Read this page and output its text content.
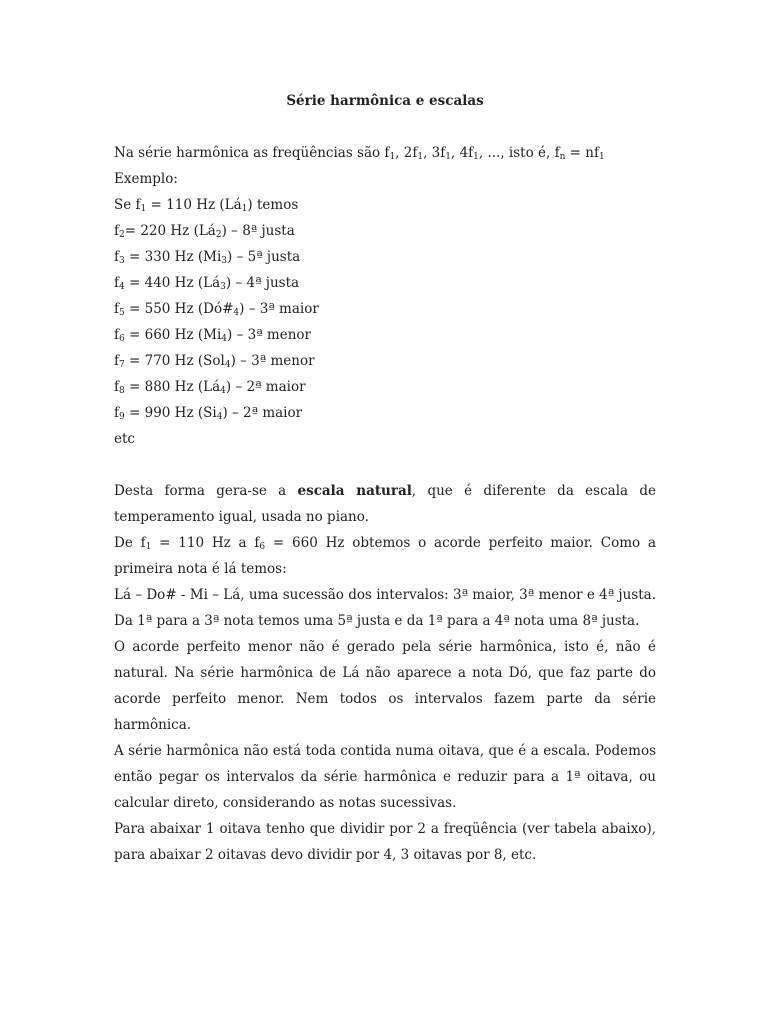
Série harmônica e escalas

Na série harmônica as freqüências são $f_1$, $2f_1$, $3f_1$, $4f_1$, ..., isto é, $f_n = nf_1$

Exemplo:

Se $f_1 = 110$ Hz $(Lá_1)$ temos

$f_2= 220$ Hz $(Lá_2)$ – 8ª justa

$f_3 = 330$ Hz $(Mi_3)$ – 5ª justa

$f_4 = 440$ Hz $(Lá_3)$ – 4ª justa

$f_5 = 550$ Hz $(Dó\#_4)$ – 3ª maior

$f_6 = 660$ Hz $(Mi_4)$ – 3ª menor

$f_7 = 770$ Hz (Sol$_4$) – 3ª menor

$f_8 = 880$ Hz $(Lá_4)$ – 2ª maior

$f_9 = 990$ Hz $(Si_4)$ – 2ª maior

etc

Desta forma gera-se a escala natural, que é diferente da escala de temperamento igual, usada no piano.

De $f_1 = 110$ Hz a $f_6 = 660$ Hz obtemos o acorde perfeito maior. Como a primeira nota é lá temos:

Lá – Do# - Mi – Lá, uma sucessão dos intervalos: 3ª maior, 3ª menor e 4ª justa. Da 1ª para a 3ª nota temos uma 5ª justa e da 1ª para a 4ª nota uma 8ª justa.

O acorde perfeito menor não é gerado pela série harmônica, isto é, não é natural. Na série harmônica de Lá não aparece a nota Dó, que faz parte do acorde perfeito menor. Nem todos os intervalos fazem parte da série harmônica.

A série harmônica não está toda contida numa oitava, que é a escala. Podemos então pegar os intervalos da série harmônica e reduzir para a 1ª oitava, ou calcular direto, considerando as notas sucessivas.

Para abaixar 1 oitava tenho que dividir por 2 a freqüência (ver tabela abaixo), para abaixar 2 oitavas devo dividir por 4, 3 oitavas por 8, etc.
